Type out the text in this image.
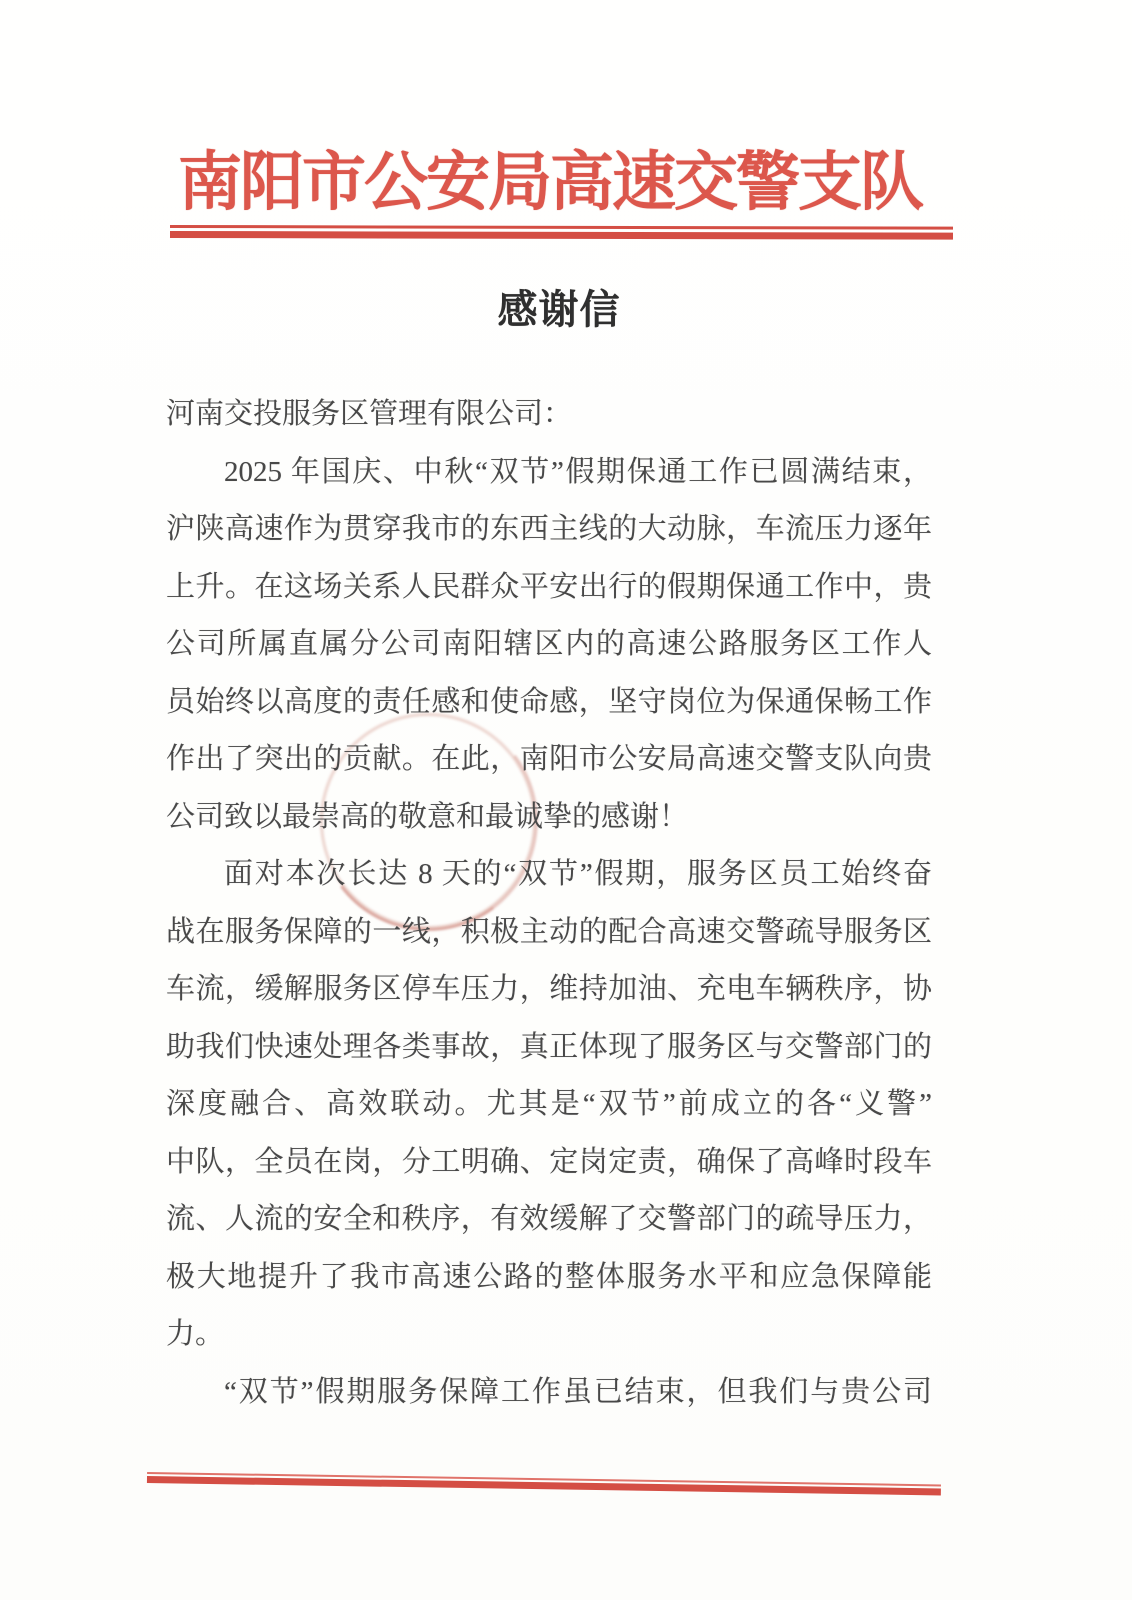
南阳市公安局高速交警支队
感谢信
河南交投服务区管理有限公司：
2025 年国庆、中秋“双节”假期保通工作已圆满结束，
沪陕高速作为贯穿我市的东西主线的大动脉，车流压力逐年
上升。在这场关系人民群众平安出行的假期保通工作中，贵
公司所属直属分公司南阳辖区内的高速公路服务区工作人
员始终以高度的责任感和使命感，坚守岗位为保通保畅工作
作出了突出的贡献。在此，南阳市公安局高速交警支队向贵
公司致以最崇高的敬意和最诚挚的感谢！
面对本次长达 8 天的“双节”假期，服务区员工始终奋
战在服务保障的一线，积极主动的配合高速交警疏导服务区
车流，缓解服务区停车压力，维持加油、充电车辆秩序，协
助我们快速处理各类事故，真正体现了服务区与交警部门的
深度融合、高效联动。尤其是“双节”前成立的各“义警”
中队，全员在岗，分工明确、定岗定责，确保了高峰时段车
流、人流的安全和秩序，有效缓解了交警部门的疏导压力，
极大地提升了我市高速公路的整体服务水平和应急保障能
力。
“双节”假期服务保障工作虽已结束，但我们与贵公司
